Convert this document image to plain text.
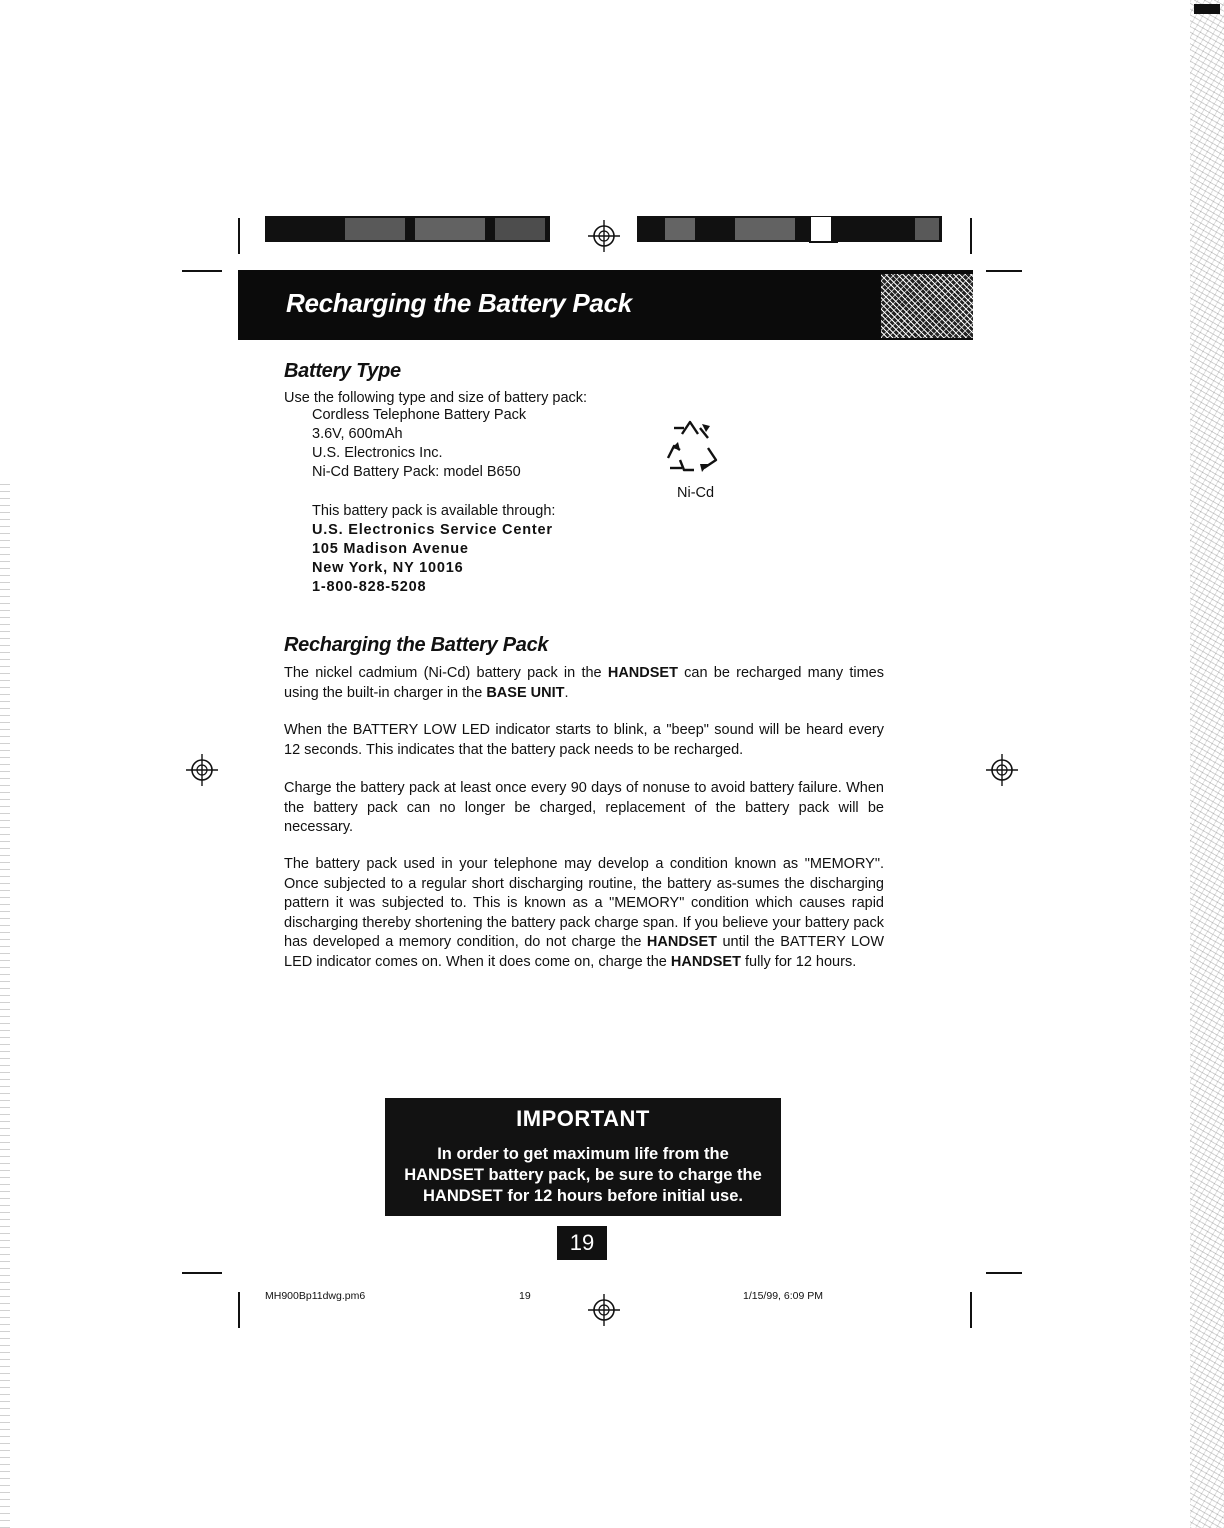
Recharging the Battery Pack
Battery Type
Use the following type and size of battery pack:
Cordless Telephone Battery Pack
3.6V, 600mAh
U.S. Electronics Inc.
Ni-Cd Battery Pack: model B650
Ni-Cd
This battery pack is available through:
U.S. Electronics Service Center
105 Madison Avenue
New York, NY 10016
1-800-828-5208
Recharging the Battery Pack
The nickel cadmium (Ni-Cd) battery pack in the HANDSET can be recharged many times using the built-in charger in the BASE UNIT.
When the BATTERY LOW LED indicator starts to blink, a "beep" sound will be heard every 12 seconds. This indicates that the battery pack needs to be recharged.
Charge the battery pack at least once every 90 days of nonuse to avoid battery failure. When the battery pack can no longer be charged, replacement of the battery pack will be necessary.
The battery pack used in your telephone may develop a condition known as "MEMORY". Once subjected to a regular short discharging routine, the battery as-sumes the discharging pattern it was subjected to. This is known as a "MEMORY" condition which causes rapid discharging thereby shortening the battery pack charge span. If you believe your battery pack has developed a memory condition, do not charge the HANDSET until the BATTERY LOW LED indicator comes on. When it does come on, charge the HANDSET fully for 12 hours.
IMPORTANT
In order to get maximum life from the
HANDSET battery pack, be sure to charge the
HANDSET for 12 hours before initial use.
19
MH900Bp11dwg.pm6	19	1/15/99, 6:09 PM
